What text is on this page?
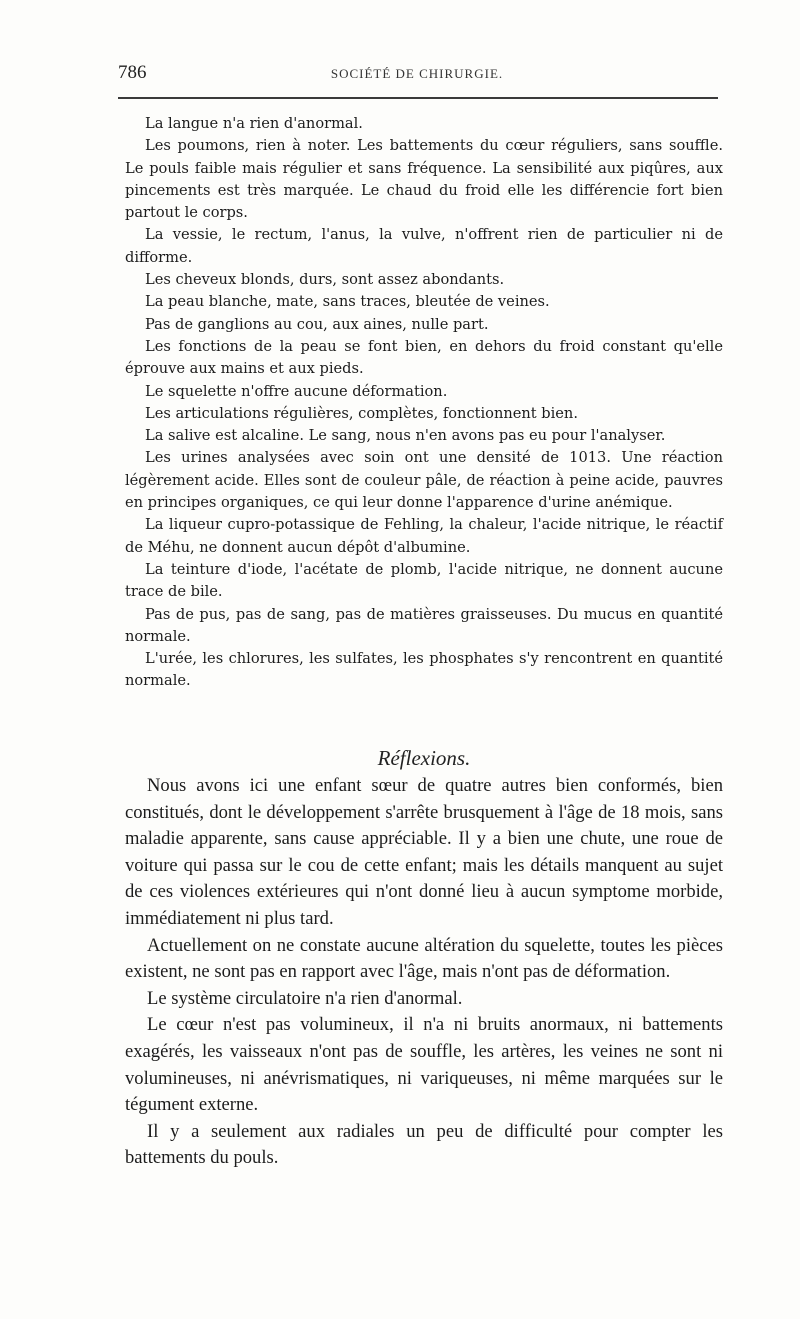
786	SOCIÉTÉ DE CHIRURGIE.

La langue n'a rien d'anormal.

Les poumons, rien à noter. Les battements du cœur réguliers, sans souffle. Le pouls faible mais régulier et sans fréquence. La sensibilité aux piqûres, aux pincements est très marquée. Le chaud du froid elle les différencie fort bien partout le corps.

La vessie, le rectum, l'anus, la vulve, n'offrent rien de particulier ni de difforme.

Les cheveux blonds, durs, sont assez abondants.

La peau blanche, mate, sans traces, bleutée de veines.

Pas de ganglions au cou, aux aines, nulle part.

Les fonctions de la peau se font bien, en dehors du froid constant qu'elle éprouve aux mains et aux pieds.

Le squelette n'offre aucune déformation.

Les articulations régulières, complètes, fonctionnent bien.

La salive est alcaline. Le sang, nous n'en avons pas eu pour l'analyser.

Les urines analysées avec soin ont une densité de 1013. Une réaction légèrement acide. Elles sont de couleur pâle, de réaction à peine acide, pauvres en principes organiques, ce qui leur donne l'apparence d'urine anémique.

La liqueur cupro-potassique de Fehling, la chaleur, l'acide nitrique, le réactif de Méhu, ne donnent aucun dépôt d'albumine.

La teinture d'iode, l'acétate de plomb, l'acide nitrique, ne donnent aucune trace de bile.

Pas de pus, pas de sang, pas de matières graisseuses. Du mucus en quantité normale.

L'urée, les chlorures, les sulfates, les phosphates s'y rencontrent en quantité normale.

Réflexions.

Nous avons ici une enfant sœur de quatre autres bien conformés, bien constitués, dont le développement s'arrête brusquement à l'âge de 18 mois, sans maladie apparente, sans cause appréciable. Il y a bien une chute, une roue de voiture qui passa sur le cou de cette enfant; mais les détails manquent au sujet de ces violences extérieures qui n'ont donné lieu à aucun symptome morbide, immédiatement ni plus tard.

Actuellement on ne constate aucune altération du squelette, toutes les pièces existent, ne sont pas en rapport avec l'âge, mais n'ont pas de déformation.

Le système circulatoire n'a rien d'anormal.

Le cœur n'est pas volumineux, il n'a ni bruits anormaux, ni battements exagérés, les vaisseaux n'ont pas de souffle, les artères, les veines ne sont ni volumineuses, ni anévrismatiques, ni variqueuses, ni même marquées sur le tégument externe.

Il y a seulement aux radiales un peu de difficulté pour compter les battements du pouls.
